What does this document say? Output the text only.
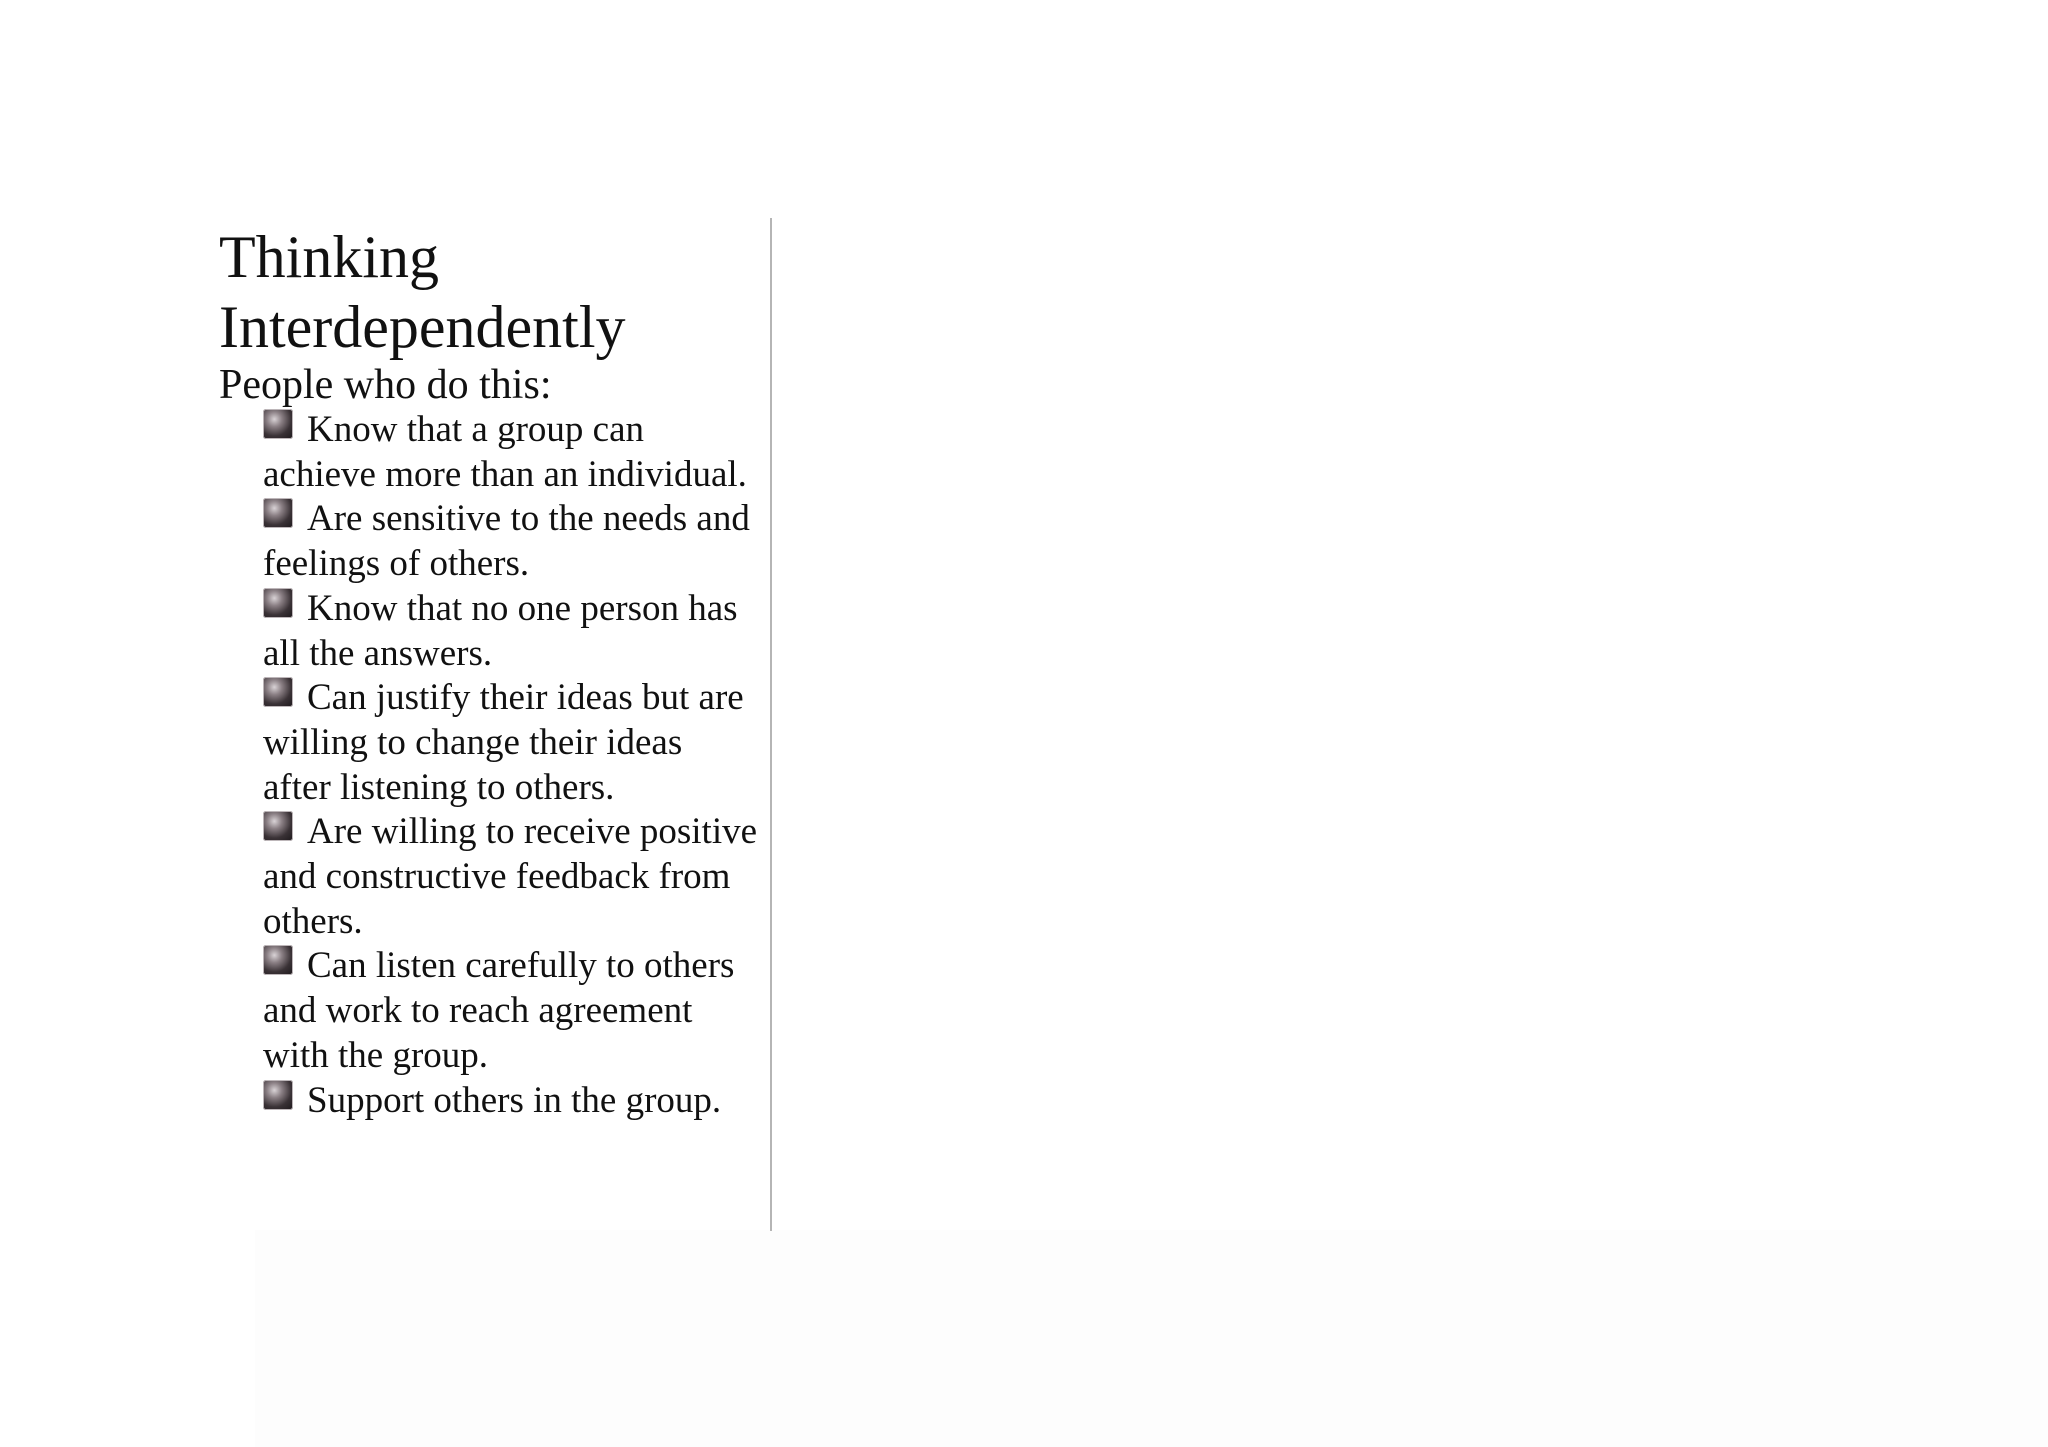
Thinking
Interdependently

People who do this:

Know that a group can achieve more than an individual.
Are sensitive to the needs and feelings of others.
Know that no one person has all the answers.
Can justify their ideas but are willing to change their ideas after listening to others.
Are willing to receive positive and constructive feedback from others.
Can listen carefully to others and work to reach agreement with the group.
Support others in the group.
